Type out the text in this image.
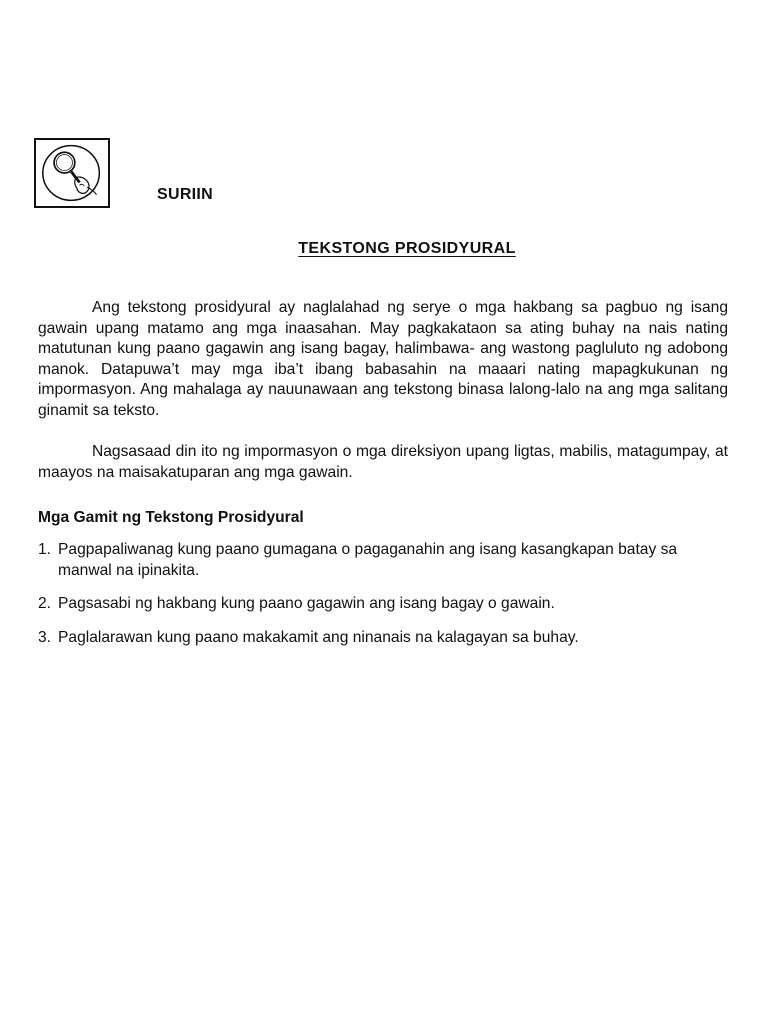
SURIIN
TEKSTONG PROSIDYURAL

Ang tekstong prosidyural ay naglalahad ng serye o mga hakbang sa pagbuo ng isang gawain upang matamo ang mga inaasahan. May pagkakataon sa ating buhay na nais nating matutunan kung paano gagawin ang isang bagay, halimbawa- ang wastong pagluluto ng adobong manok. Datapuwa’t may mga iba’t ibang babasahin na maaari nating mapagkukunan ng impormasyon. Ang mahalaga ay nauunawaan ang tekstong binasa lalong-lalo na ang mga salitang ginamit sa teksto.

Nagsasaad din ito ng impormasyon o mga direksiyon upang ligtas, mabilis, matagumpay, at maayos na maisakatuparan ang mga gawain.

Mga Gamit ng Tekstong Prosidyural
1. Pagpapaliwanag kung paano gumagana o pagaganahin ang isang kasangkapan batay sa manwal na ipinakita.
2. Pagsasabi ng hakbang kung paano gagawin ang isang bagay o gawain.
3. Paglalarawan kung paano makakamit ang ninanais na kalagayan sa buhay.
